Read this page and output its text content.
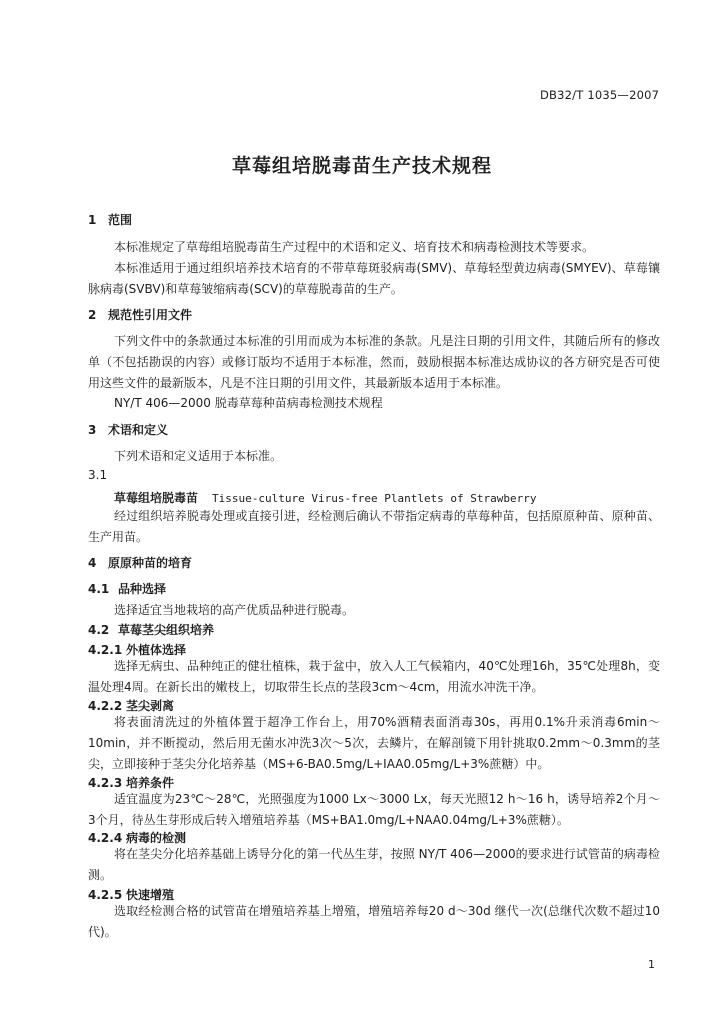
DB32/T 1035—2007
草莓组培脱毒苗生产技术规程
1 范围
本标准规定了草莓组培脱毒苗生产过程中的术语和定义、培育技术和病毒检测技术等要求。
本标准适用于通过组织培养技术培育的不带草莓斑驳病毒(SMV)、草莓轻型黄边病毒(SMYEV)、草莓镶脉病毒(SVBV)和草莓皱缩病毒(SCV)的草莓脱毒苗的生产。
2 规范性引用文件
下列文件中的条款通过本标准的引用而成为本标准的条款。凡是注日期的引用文件，其随后所有的修改单（不包括勘误的内容）或修订版均不适用于本标准，然而，鼓励根据本标准达成协议的各方研究是否可使用这些文件的最新版本，凡是不注日期的引用文件，其最新版本适用于本标准。
NY/T 406—2000 脱毒草莓种苗病毒检测技术规程
3 术语和定义
下列术语和定义适用于本标准。
3.1
草莓组培脱毒苗 Tissue-culture Virus-free Plantlets of Strawberry
经过组织培养脱毒处理或直接引进，经检测后确认不带指定病毒的草莓种苗，包括原原种苗、原种苗、生产用苗。
4 原原种苗的培育
4.1 品种选择
选择适宜当地栽培的高产优质品种进行脱毒。
4.2 草莓茎尖组织培养
4.2.1 外植体选择
选择无病虫、品种纯正的健壮植株，栽于盆中，放入人工气候箱内，40℃处理16h，35℃处理8h，变温处理4周。在新长出的嫩枝上，切取带生长点的茎段3cm～4cm，用流水冲洗干净。
4.2.2 茎尖剥离
将表面清洗过的外植体置于超净工作台上，用70%酒精表面消毒30s，再用0.1%升汞消毒6min～10min，并不断搅动，然后用无菌水冲洗3次～5次，去鳞片，在解剖镜下用针挑取0.2mm～0.3mm的茎尖，立即接种于茎尖分化培养基（MS+6-BA0.5mg/L+IAA0.05mg/L+3%蔗糖）中。
4.2.3 培养条件
适宜温度为23℃～28℃，光照强度为1000 Lx～3000 Lx，每天光照12 h～16 h，诱导培养2个月～3个月，待丛生芽形成后转入增殖培养基（MS+BA1.0mg/L+NAA0.04mg/L+3%蔗糖）。
4.2.4 病毒的检测
将在茎尖分化培养基础上诱导分化的第一代丛生芽，按照 NY/T 406—2000的要求进行试管苗的病毒检测。
4.2.5 快速增殖
选取经检测合格的试管苗在增殖培养基上增殖，增殖培养每20 d～30d 继代一次(总继代次数不超过10代)。
1
